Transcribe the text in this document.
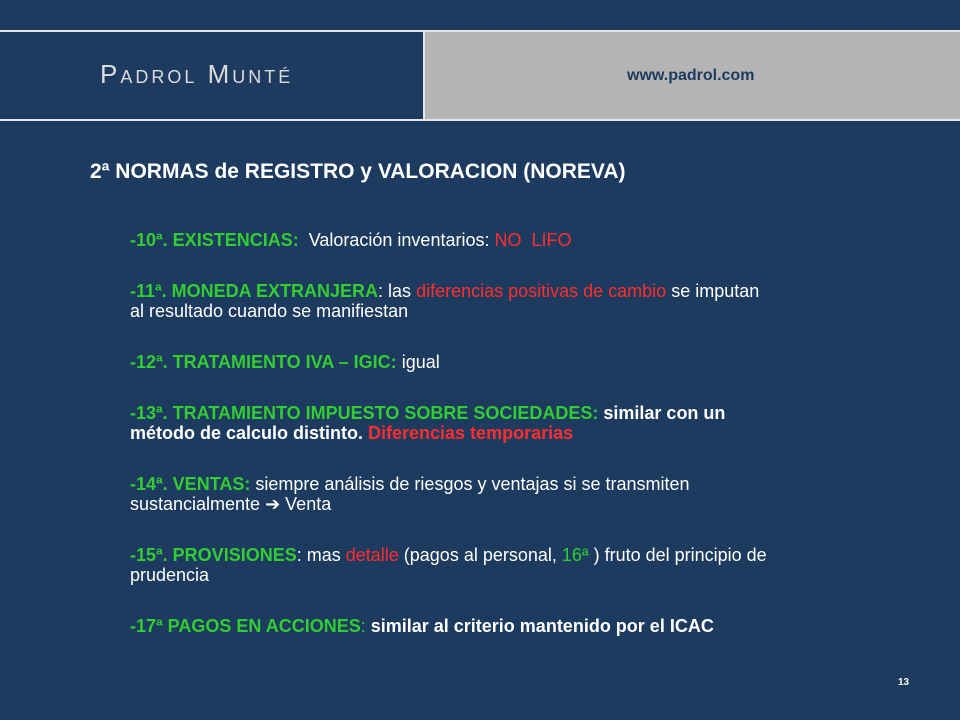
Padrol Munté	www.padrol.com
2ª NORMAS de REGISTRO y VALORACION (NOREVA)
-10ª. EXISTENCIAS:  Valoración inventarios: NO  LIFO
-11ª. MONEDA EXTRANJERA: las diferencias positivas de cambio se imputan
al resultado cuando se manifiestan
-12ª. TRATAMIENTO IVA – IGIC: igual
-13ª. TRATAMIENTO IMPUESTO SOBRE SOCIEDADES: similar con un
método de calculo distinto. Diferencias temporarias
-14ª. VENTAS: siempre análisis de riesgos y ventajas si se transmiten
sustancialmente ➔ Venta
-15ª. PROVISIONES: mas detalle (pagos al personal, 16ª ) fruto del principio de
prudencia
-17ª PAGOS EN ACCIONES: similar al criterio mantenido por el ICAC
13
